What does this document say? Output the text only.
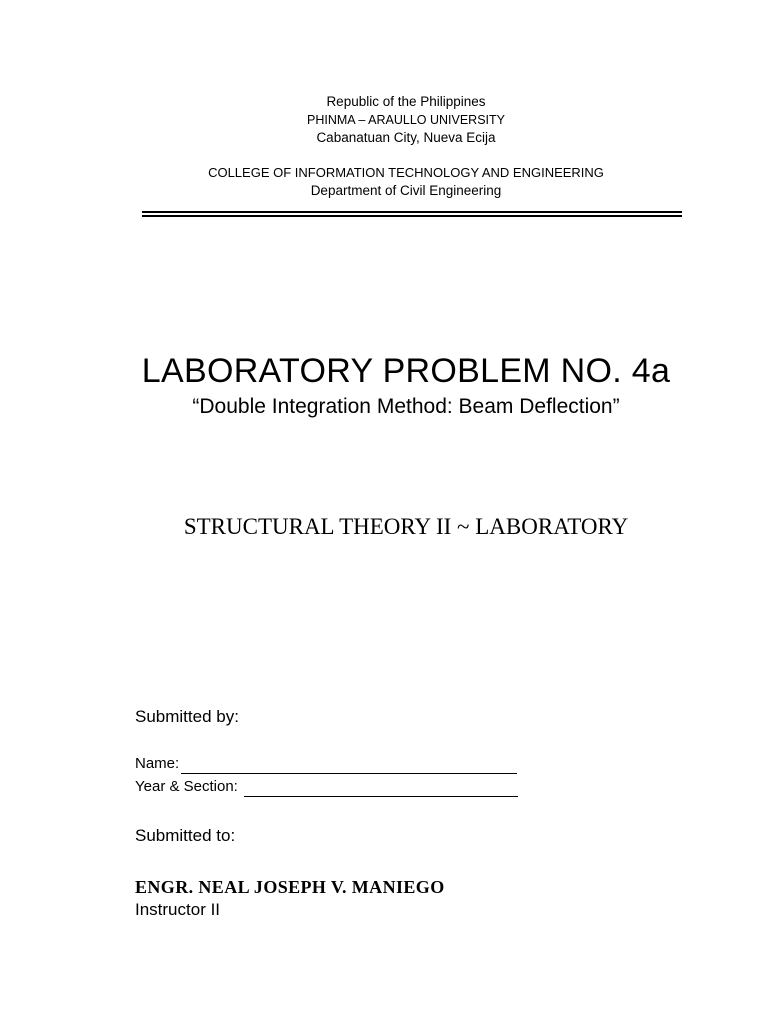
Republic of the Philippines
PHINMA – ARAULLO UNIVERSITY
Cabanatuan City, Nueva Ecija
COLLEGE OF INFORMATION TECHNOLOGY AND ENGINEERING
Department of Civil Engineering
LABORATORY PROBLEM NO. 4a
“Double Integration Method: Beam Deflection”
STRUCTURAL THEORY II ~ LABORATORY
Submitted by:
Name:
Year & Section:
Submitted to:
ENGR. NEAL JOSEPH V. MANIEGO
Instructor II
